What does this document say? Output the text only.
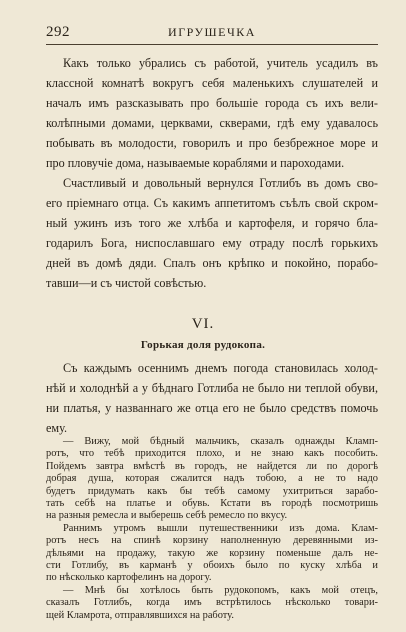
292	ИГРУШЕЧКА
Какъ только убрались съ работой, учитель усадилъ въ
классной комнатѣ вокругъ себя маленькихъ слушателей и
началъ имъ разсказывать про большіе города съ ихъ вели-
колѣпными домами, церквами, скверами, гдѣ ему удавалось
побывать въ молодости, говорилъ и про безбрежное море и
про пловучіе дома, называемые кораблями и пароходами.
Счастливый и довольный вернулся Готлибъ въ домъ сво-
его пріемнаго отца. Съ какимъ аппетитомъ съѣлъ свой скром-
ный ужинъ изъ того же хлѣба и картофеля, и горячо бла-
годарилъ Бога, ниспославшаго ему отраду послѣ горькихъ
дней въ домѣ дяди. Спалъ онъ крѣпко и покойно, порабо-
тавши—и съ чистой совѣстью.
VI.
Горькая доля рудокопа.
Съ каждымъ осеннимъ днемъ погода становилась холод-
нѣй и холоднѣй а у бѣднаго Готлиба не было ни теплой обуви,
ни платья, у названнаго же отца его не было средствъ помочь
ему.
— Вижу, мой бѣдный мальчикъ, сказалъ однажды Кламп-
ротъ, что тебѣ приходится плохо, и не знаю какъ пособить.
Пойдемъ завтра вмѣстѣ въ городъ, не найдется ли по дорогѣ
добрая душа, которая сжалится надъ тобою, а не то надо
будетъ придумать какъ бы тебѣ самому ухитриться зарабо-
тать себѣ на платье и обувь. Кстати въ городѣ посмотришь
на разныя ремесла и выберешь себѣ ремесло по вкусу.
Раннимъ утромъ вышли путешественники изъ дома. Клам-
ротъ несъ на спинѣ корзину наполненную деревянными из-
дѣльями на продажу, такую же корзину поменьше далъ не-
сти Готлибу, въ карманѣ у обоихъ было по куску хлѣба и
по нѣсколько картофелинъ на дорогу.
— Мнѣ бы хотѣлось быть рудокопомъ, какъ мой отецъ,
сказалъ Готлибъ, когда имъ встрѣтилось нѣсколько товари-
щей Кламрота, отправлявшихся на работу.
